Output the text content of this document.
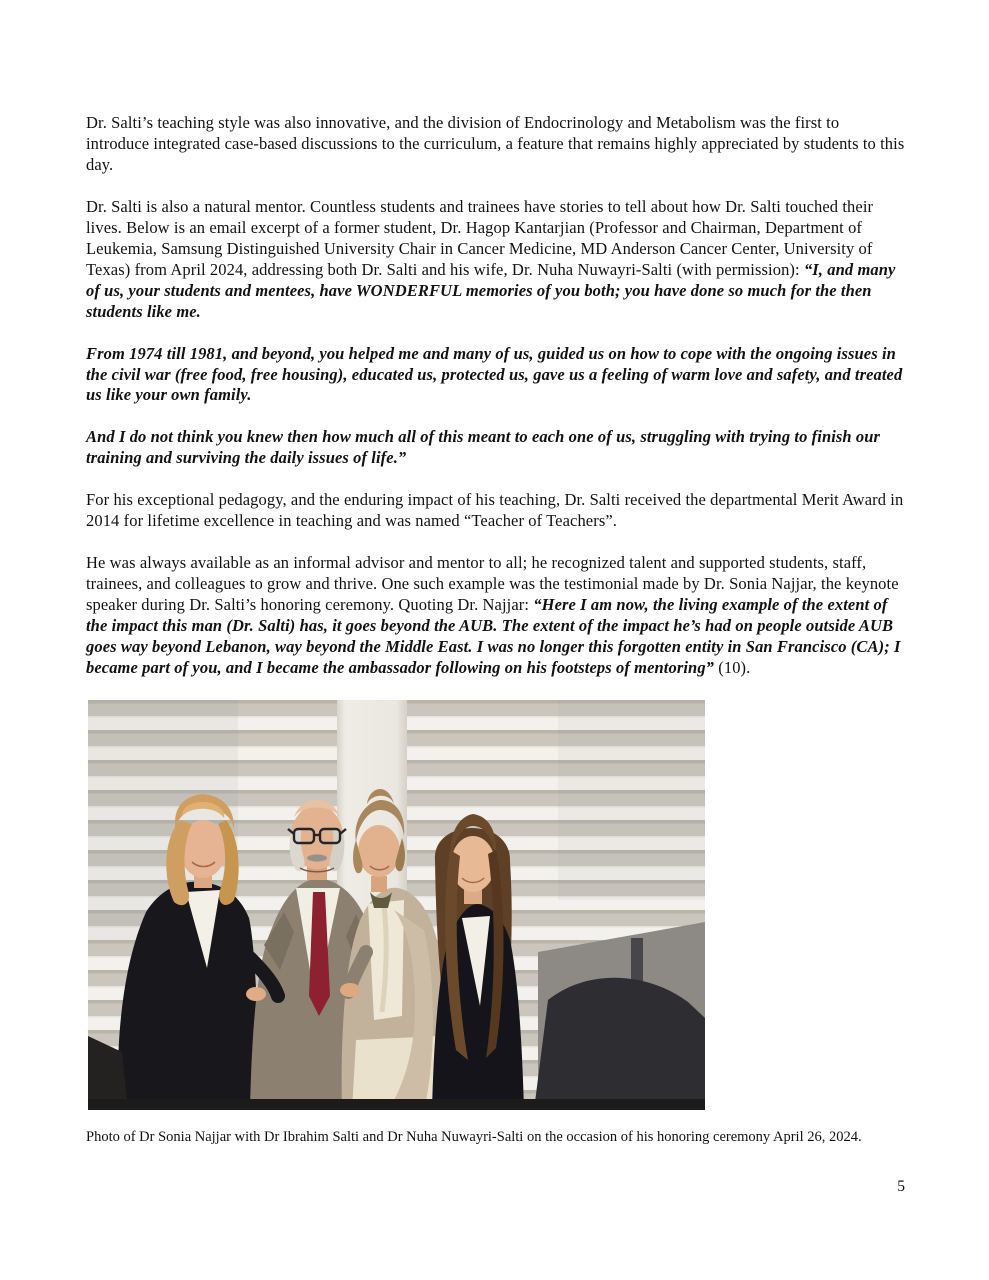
Dr. Salti’s teaching style was also innovative, and the division of Endocrinology and Metabolism was the first to introduce integrated case-based discussions to the curriculum, a feature that remains highly appreciated by students to this day.

Dr. Salti is also a natural mentor. Countless students and trainees have stories to tell about how Dr. Salti touched their lives. Below is an email excerpt of a former student, Dr. Hagop Kantarjian (Professor and Chairman, Department of Leukemia, Samsung Distinguished University Chair in Cancer Medicine, MD Anderson Cancer Center, University of Texas) from April 2024, addressing both Dr. Salti and his wife, Dr. Nuha Nuwayri-Salti (with permission): “I, and many of us, your students and mentees, have WONDERFUL memories of you both; you have done so much for the then students like me.

From 1974 till 1981, and beyond, you helped me and many of us, guided us on how to cope with the ongoing issues in the civil war (free food, free housing), educated us, protected us, gave us a feeling of warm love and safety, and treated us like your own family.

And I do not think you knew then how much all of this meant to each one of us, struggling with trying to finish our training and surviving the daily issues of life.”

For his exceptional pedagogy, and the enduring impact of his teaching, Dr. Salti received the departmental Merit Award in 2014 for lifetime excellence in teaching and was named “Teacher of Teachers”.

He was always available as an informal advisor and mentor to all; he recognized talent and supported students, staff, trainees, and colleagues to grow and thrive. One such example was the testimonial made by Dr. Sonia Najjar, the keynote speaker during Dr. Salti’s honoring ceremony. Quoting Dr. Najjar: “Here I am now, the living example of the extent of the impact this man (Dr. Salti) has, it goes beyond the AUB. The extent of the impact he’s had on people outside AUB goes way beyond Lebanon, way beyond the Middle East. I was no longer this forgotten entity in San Francisco (CA); I became part of you, and I became the ambassador following on his footsteps of mentoring” (10).

Photo of Dr Sonia Najjar with Dr Ibrahim Salti and Dr Nuha Nuwayri-Salti on the occasion of his honoring ceremony April 26, 2024.

5
